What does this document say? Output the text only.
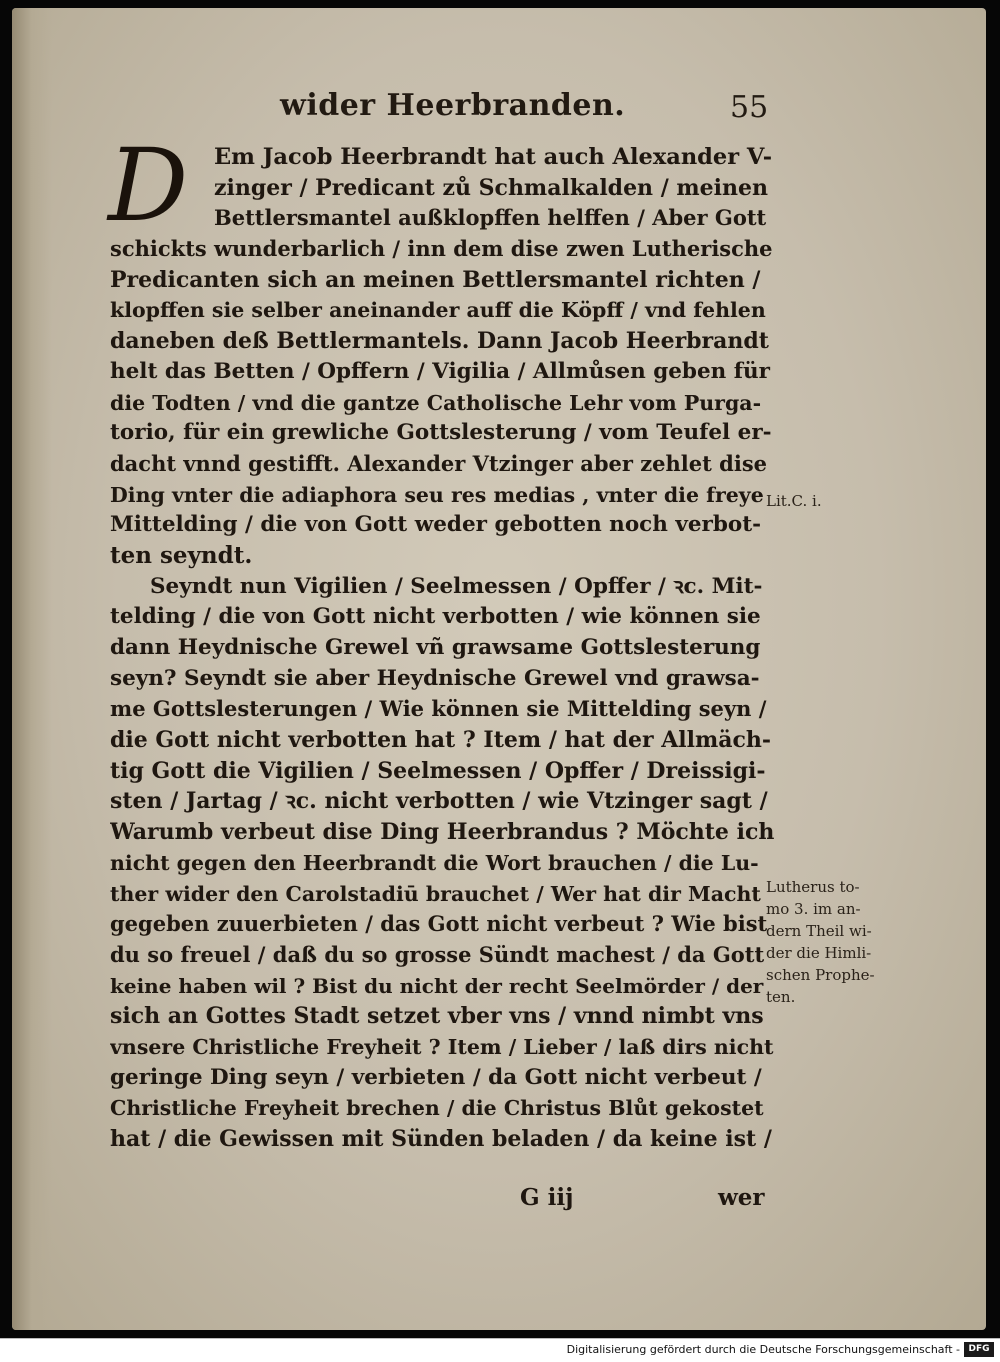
wider Heerbranden.	55
D	Em Jacob Heerbrandt hat auch Alexander V-
zinger / Predicant zů Schmalkalden / meinen
Bettlersmantel außklopffen helffen / Aber Gott
schickts wunderbarlich / inn dem dise zwen Lutherische
Predicanten sich an meinen Bettlersmantel richten /
klopffen sie selber aneinander auff die Köpff / vnd fehlen
daneben deß Bettlermantels. Dann Jacob Heerbrandt
helt das Betten / Opffern / Vigilia / Allmůsen geben für
die Todten / vnd die gantze Catholische Lehr vom Purga-
torio, für ein grewliche Gottslesterung / vom Teufel er-
dacht vnnd gestifft. Alexander Vtzinger aber zehlet dise
Ding vnter die adiaphora seu res medias , vnter die freye
Mittelding / die von Gott weder gebotten noch verbot-
ten seyndt.
Seyndt nun Vigilien / Seelmessen / Opffer / ꝛc. Mit-
telding / die von Gott nicht verbotten / wie können sie
dann Heydnische Grewel vñ grawsame Gottslesterung
seyn? Seyndt sie aber Heydnische Grewel vnd grawsa-
me Gottslesterungen / Wie können sie Mittelding seyn /
die Gott nicht verbotten hat ? Item / hat der Allmäch-
tig Gott die Vigilien / Seelmessen / Opffer / Dreissigi-
sten / Jartag / ꝛc. nicht verbotten / wie Vtzinger sagt /
Warumb verbeut dise Ding Heerbrandus ? Möchte ich
nicht gegen den Heerbrandt die Wort brauchen / die Lu-
ther wider den Carolstadiū brauchet / Wer hat dir Macht
gegeben zuuerbieten / das Gott nicht verbeut ? Wie bist
du so freuel / daß du so grosse Sündt machest / da Gott
keine haben wil ? Bist du nicht der recht Seelmörder / der
sich an Gottes Stadt setzet vber vns / vnnd nimbt vns
vnsere Christliche Freyheit ? Item / Lieber / laß dirs nicht
geringe Ding seyn / verbieten / da Gott nicht verbeut /
Christliche Freyheit brechen / die Christus Blůt gekostet
hat / die Gewissen mit Sünden beladen / da keine ist /
Lit.C. i.
Lutherus to-
mo 3. im an-
dern Theil wi-
der die Himli-
schen Prophe-
ten.
G iij	wer
Digitalisierung gefördert durch die Deutsche Forschungsgemeinschaft - DFG
